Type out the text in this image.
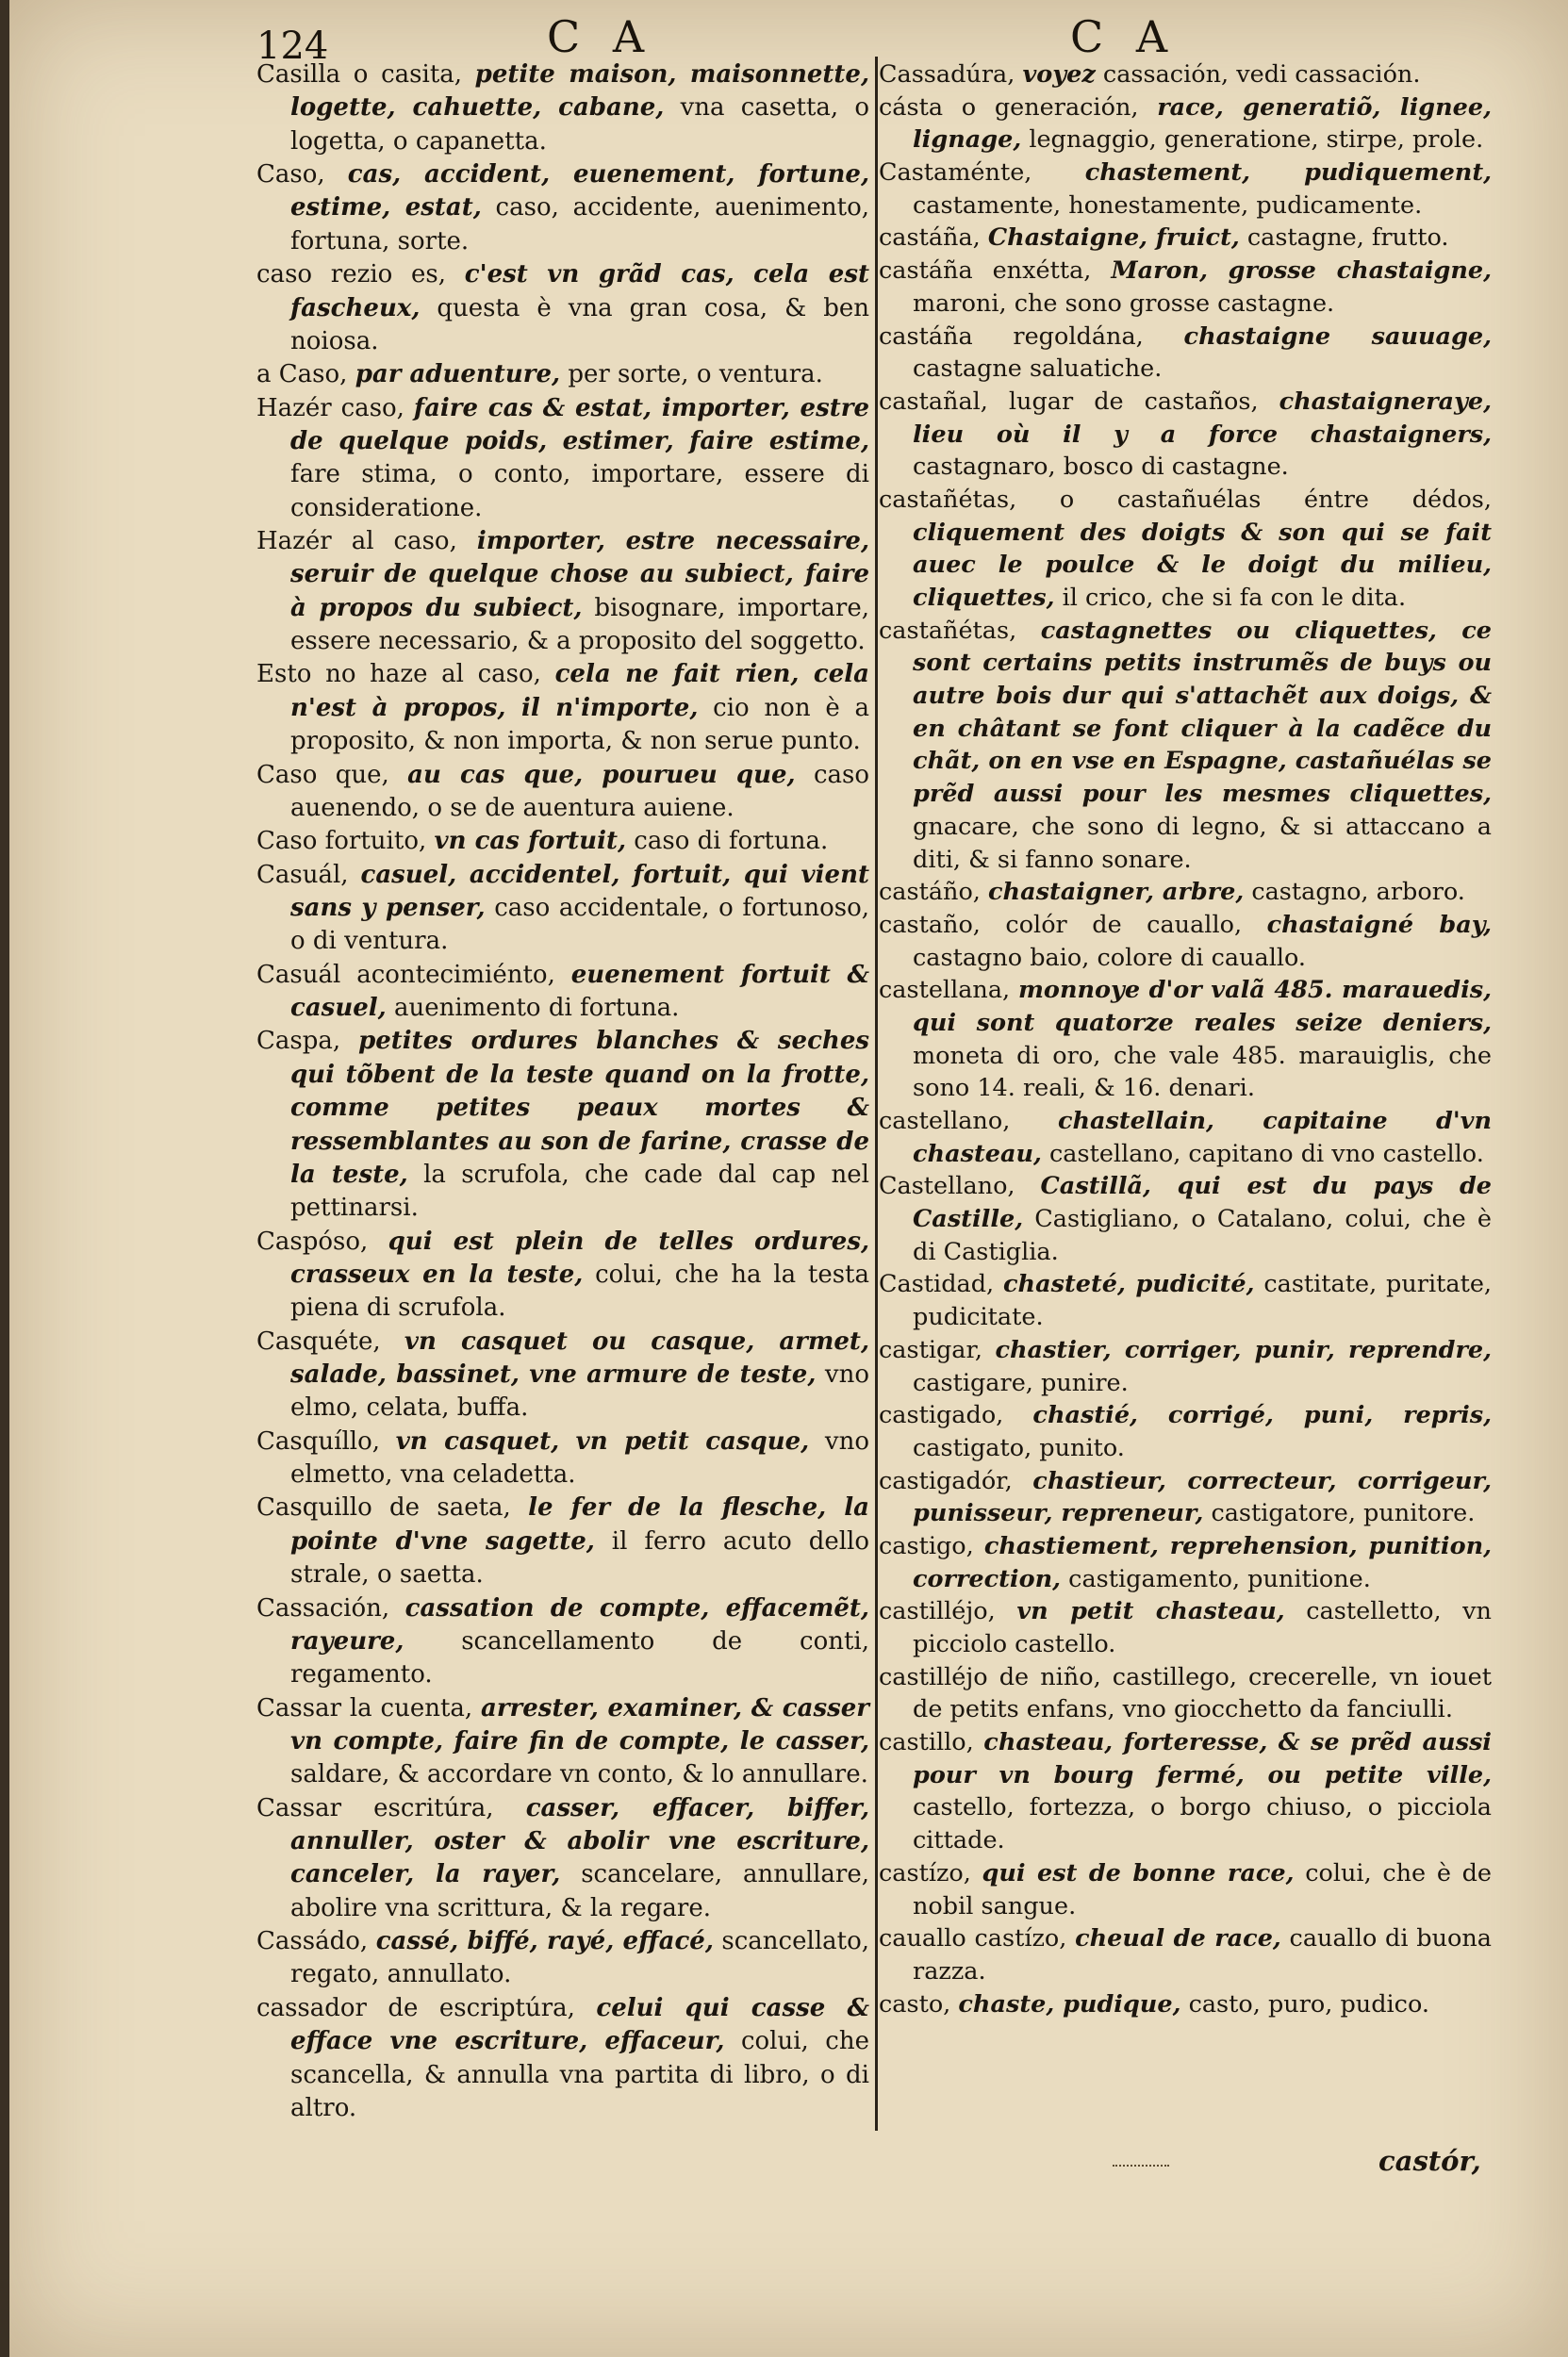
124	C A	C A

Casilla o casita, petite maison, maisonnette, logette, cahuette, cabane, vna casetta, o logetta, o capanetta.

Caso, cas, accident, euenement, fortune, estime, estat, caso, accidente, auenimento, fortuna, sorte.

caso rezio es, c'est vn grãd cas, cela est fascheux, questa è vna gran cosa, & ben noiosa.

a Caso, par aduenture, per sorte, o ventura.

Hazér caso, faire cas & estat, importer, estre de quelque poids, estimer, faire estime, fare stima, o conto, importare, essere di consideratione.

Hazér al caso, importer, estre necessaire, seruir de quelque chose au subiect, faire à propos du subiect, bisognare, importare, essere necessario, & a proposito del soggetto.

Esto no haze al caso, cela ne fait rien, cela n'est à propos, il n'importe, cio non è a proposito, & non importa, & non serue punto.

Caso que, au cas que, pourueu que, caso auenendo, o se de auentura auiene.

Caso fortuito, vn cas fortuit, caso di fortuna.

Casuál, casuel, accidentel, fortuit, qui vient sans y penser, caso accidentale, o fortunoso, o di ventura.

Casuál acontecimiénto, euenement fortuit & casuel, auenimento di fortuna.

Caspa, petites ordures blanches & seches qui tõbent de la teste quand on la frotte, comme petites peaux mortes & ressemblantes au son de farine, crasse de la teste, la scrufola, che cade dal cap nel pettinarsi.

Caspóso, qui est plein de telles ordures, crasseux en la teste, colui, che ha la testa piena di scrufola.

Casquéte, vn casquet ou casque, armet, salade, bassinet, vne armure de teste, vno elmo, celata, buffa.

Casquíllo, vn casquet, vn petit casque, vno elmetto, vna celadetta.

Casquillo de saeta, le fer de la flesche, la pointe d'vne sagette, il ferro acuto dello strale, o saetta.

Cassación, cassation de compte, effacemẽt, rayeure, scancellamento de conti, regamento.

Cassar la cuenta, arrester, examiner, & casser vn compte, faire fin de compte, le casser, saldare, & accordare vn conto, & lo annullare.

Cassar escritúra, casser, effacer, biffer, annuller, oster & abolir vne escriture, canceler, la rayer, scancelare, annullare, abolire vna scrittura, & la regare.

Cassádo, cassé, biffé, rayé, effacé, scancellato, regato, annullato.

cassador de escriptúra, celui qui casse & efface vne escriture, effaceur, colui, che scancella, & annulla vna partita di libro, o di altro.

Cassadúra, voyez cassación, vedi cassación.

cásta o generación, race, generatiõ, lignee, lignage, legnaggio, generatione, stirpe, prole.

Castaménte, chastement, pudiquement, castamente, honestamente, pudicamente.

castáña, Chastaigne, fruict, castagne, frutto.

castáña enxétta, Maron, grosse chastaigne, maroni, che sono grosse castagne.

castáña regoldána, chastaigne sauuage, castagne saluatiche.

castañal, lugar de castaños, chastaigneraye, lieu où il y a force chastaigners, castagnaro, bosco di castagne.

castañétas, o castañuélas éntre dédos, cliquement des doigts & son qui se fait auec le poulce & le doigt du milieu, cliquettes, il crico, che si fa con le dita.

castañétas, castagnettes ou cliquettes, ce sont certains petits instrumẽs de buys ou autre bois dur qui s'attachẽt aux doigs, & en châtant se font cliquer à la cadẽce du chãt, on en vse en Espagne, castañuélas se prẽd aussi pour les mesmes cliquettes, gnacare, che sono di legno, & si attaccano a diti, & si fanno sonare.

castáño, chastaigner, arbre, castagno, arboro.

castaño, colór de cauallo, chastaigné bay, castagno baio, colore di cauallo.

castellana, monnoye d'or valã 485. marauedis, qui sont quatorze reales seize deniers, moneta di oro, che vale 485. marauiglis, che sono 14. reali, & 16. denari.

castellano, chastellain, capitaine d'vn chasteau, castellano, capitano di vno castello.

Castellano, Castillã, qui est du pays de Castille, Castigliano, o Catalano, colui, che è di Castiglia.

Castidad, chasteté, pudicité, castitate, puritate, pudicitate.

castigar, chastier, corriger, punir, reprendre, castigare, punire.

castigado, chastié, corrigé, puni, repris, castigato, punito.

castigadór, chastieur, correcteur, corrigeur, punisseur, repreneur, castigatore, punitore.

castigo, chastiement, reprehension, punition, correction, castigamento, punitione.

castilléjo, vn petit chasteau, castelletto, vn picciolo castello.

castilléjo de niño, castillego, crecerelle, vn iouet de petits enfans, vno giocchetto da fanciulli.

castillo, chasteau, forteresse, & se prẽd aussi pour vn bourg fermé, ou petite ville, castello, fortezza, o borgo chiuso, o picciola cittade.

castízo, qui est de bonne race, colui, che è de nobil sangue.

cauallo castízo, cheual de race, cauallo di buona razza.

casto, chaste, pudique, casto, puro, pudico.

castór,
